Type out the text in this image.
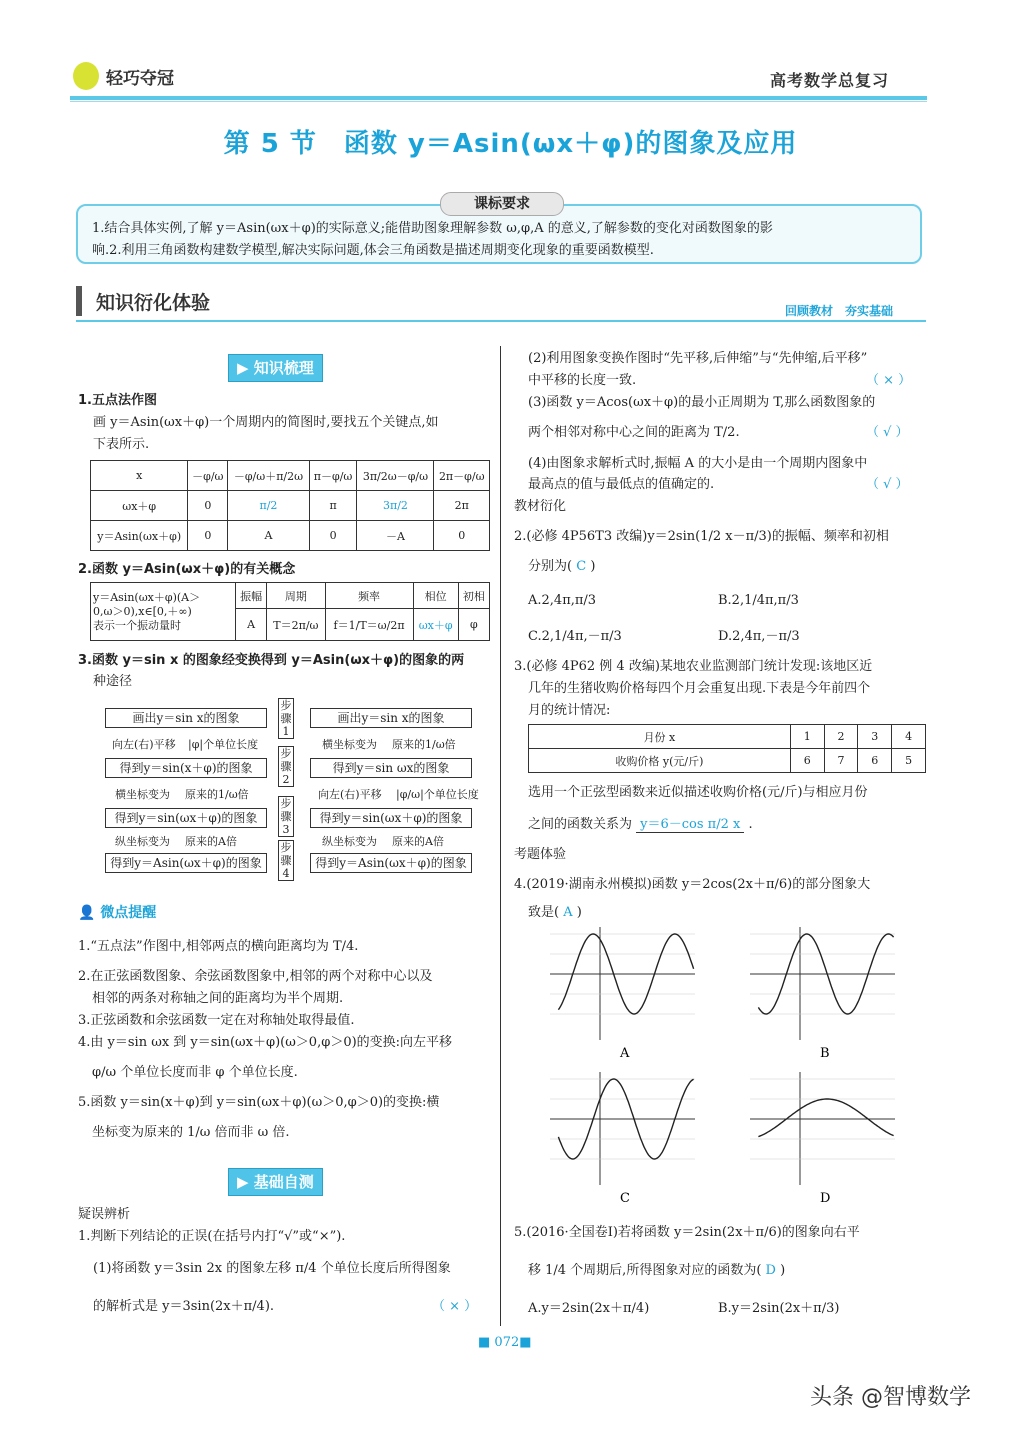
轻巧夺冠	高考数学总复习
第 5 节　函数 y＝Asin(ωx＋φ)的图象及应用
1.结合具体实例,了解 y＝Asin(ωx＋φ)的实际意义;能借助图象理解参数 ω,φ,A 的意义,了解参数的变化对函数图象的影
响.2.利用三角函数构建数学模型,解决实际问题,体会三角函数是描述周期变化现象的重要函数模型.
课标要求
知识衍化体验	回顾教材　夯实基础
▶ 知识梳理
1.五点法作图
画 y＝Asin(ωx＋φ)一个周期内的简图时,要找五个关键点,如
下表所示.
x	－φ/ω	－φ/ω＋π/2ω	π－φ/ω	3π/2ω－φ/ω	2π－φ/ω
ωx＋φ	0	π/2	π	3π/2	2π
y＝Asin(ωx＋φ)	0	A	0	－A	0
2.函数 y＝Asin(ωx＋φ)的有关概念
y＝Asin(ωx＋φ)(A＞
0,ω＞0),x∈[0,＋∞)
表示一个振动量时	振幅	周期	频率	相位	初相
	A	T＝2π/ω	f＝1/T＝ω/2π	ωx＋φ	φ
3.函数 y＝sin x 的图象经变换得到 y＝Asin(ωx＋φ)的图象的两
种途径
画出y＝sin x的图象
得到y＝sin(x＋φ)的图象
得到y＝sin(ωx＋φ)的图象
得到y＝Asin(ωx＋φ)的图象
向左(右)平移 |φ|个单位长度
横坐标变为 原来的1/ω倍
纵坐标变为 原来的A倍
步骤1
步骤2
步骤3
步骤4
画出y＝sin x的图象
得到y＝sin ωx的图象
得到y＝sin(ωx＋φ)的图象
得到y＝Asin(ωx＋φ)的图象
横坐标变为 原来的1/ω倍
向左(右)平移 |φ/ω|个单位长度
纵坐标变为 原来的A倍
👤 微点提醒
1.“五点法”作图中,相邻两点的横向距离均为 T/4.
2.在正弦函数图象、余弦函数图象中,相邻的两个对称中心以及
相邻的两条对称轴之间的距离均为半个周期.
3.正弦函数和余弦函数一定在对称轴处取得最值.
4.由 y＝sin ωx 到 y＝sin(ωx＋φ)(ω＞0,φ＞0)的变换:向左平移
φ/ω 个单位长度而非 φ 个单位长度.
5.函数 y＝sin(x＋φ)到 y＝sin(ωx＋φ)(ω＞0,φ＞0)的变换:横
坐标变为原来的 1/ω 倍而非 ω 倍.
▶ 基础自测
疑误辨析
1.判断下列结论的正误(在括号内打“√”或“×”).
(1)将函数 y＝3sin 2x 的图象左移 π/4 个单位长度后所得图象
的解析式是 y＝3sin(2x＋π/4).	（ × ）
(2)利用图象变换作图时“先平移,后伸缩”与“先伸缩,后平移”
中平移的长度一致.	（ × ）
(3)函数 y＝Acos(ωx＋φ)的最小正周期为 T,那么函数图象的
两个相邻对称中心之间的距离为 T/2.	（ √ ）
(4)由图象求解析式时,振幅 A 的大小是由一个周期内图象中
最高点的值与最低点的值确定的.	（ √ ）
教材衍化
2.(必修 4P56T3 改编)y＝2sin(1/2 x－π/3)的振幅、频率和初相
分别为( C )
A.2,4π,π/3	B.2,1/4π,π/3
C.2,1/4π,－π/3	D.2,4π,－π/3
3.(必修 4P62 例 4 改编)某地农业监测部门统计发现:该地区近
几年的生猪收购价格每四个月会重复出现.下表是今年前四个
月的统计情况:
月份 x	1	2	3	4
收购价格 y(元/斤)	6	7	6	5
选用一个正弦型函数来近似描述收购价格(元/斤)与相应月份
之间的函数关系为 y＝6－cos π/2 x .
考题体验
4.(2019·湖南永州模拟)函数 y＝2cos(2x＋π/6)的部分图象大
致是( A )
A	B
C	D
5.(2016·全国卷Ⅰ)若将函数 y＝2sin(2x＋π/6)的图象向右平
移 1/4 个周期后,所得图象对应的函数为( D )
A.y＝2sin(2x＋π/4)	B.y＝2sin(2x＋π/3)
■ 072■
头条 @智博数学
